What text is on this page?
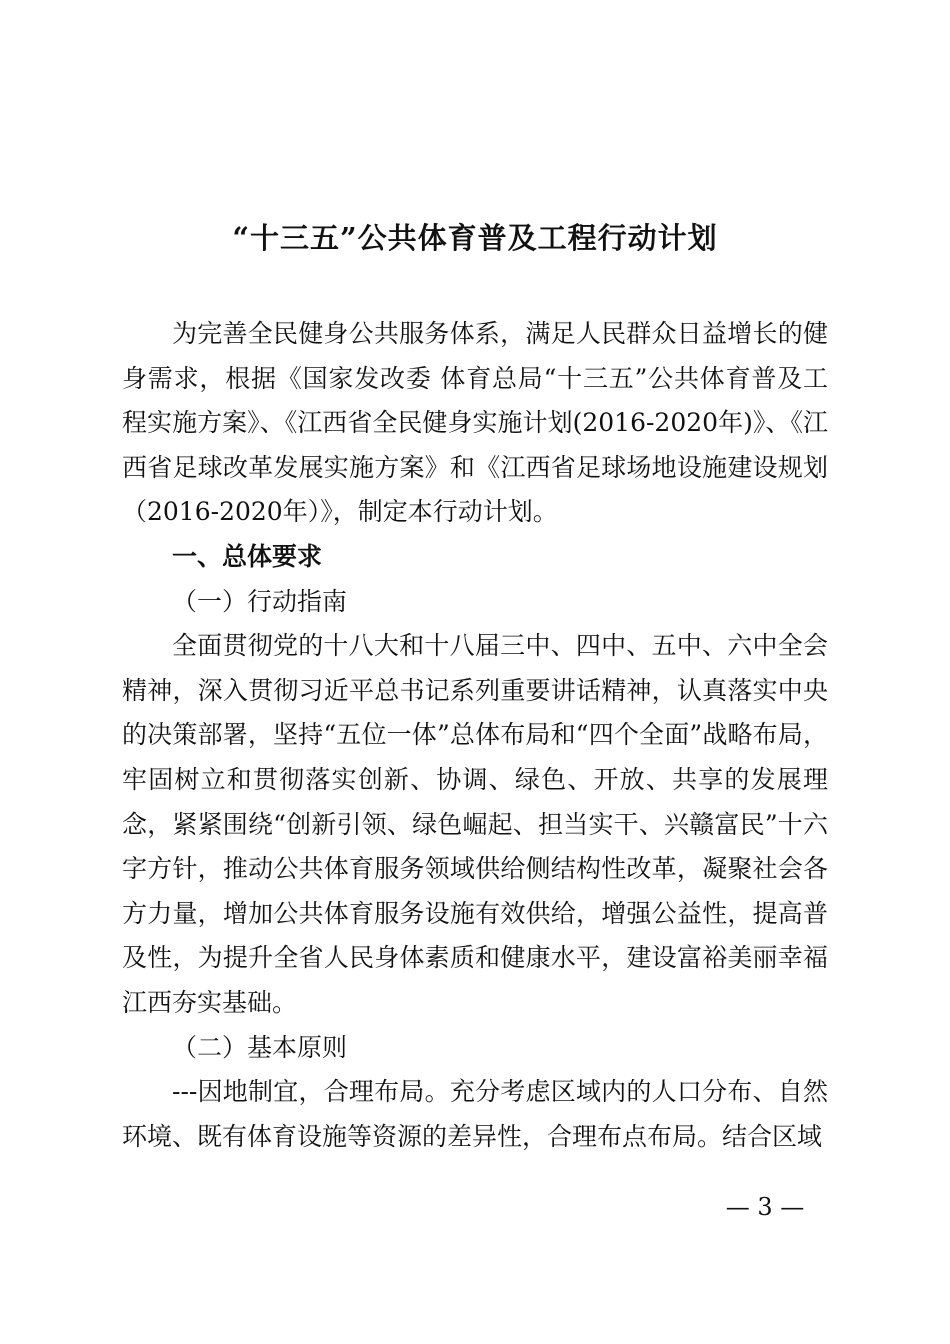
“十三五”公共体育普及工程行动计划

为完善全民健身公共服务体系，满足人民群众日益增长的健身需求，根据《国家发改委 体育总局“十三五”公共体育普及工程实施方案》、《江西省全民健身实施计划(2016-2020年)》、《江西省足球改革发展实施方案》和《江西省足球场地设施建设规划（2016-2020年）》，制定本行动计划。

一、总体要求

（一）行动指南

全面贯彻党的十八大和十八届三中、四中、五中、六中全会精神，深入贯彻习近平总书记系列重要讲话精神，认真落实中央的决策部署，坚持“五位一体”总体布局和“四个全面”战略布局，牢固树立和贯彻落实创新、协调、绿色、开放、共享的发展理念，紧紧围绕“创新引领、绿色崛起、担当实干、兴赣富民”十六字方针，推动公共体育服务领域供给侧结构性改革，凝聚社会各方力量，增加公共体育服务设施有效供给，增强公益性，提高普及性，为提升全省人民身体素质和健康水平，建设富裕美丽幸福江西夯实基础。

（二）基本原则

---因地制宜，合理布局。充分考虑区域内的人口分布、自然环境、既有体育设施等资源的差异性，合理布点布局。结合区域

— 3 —
